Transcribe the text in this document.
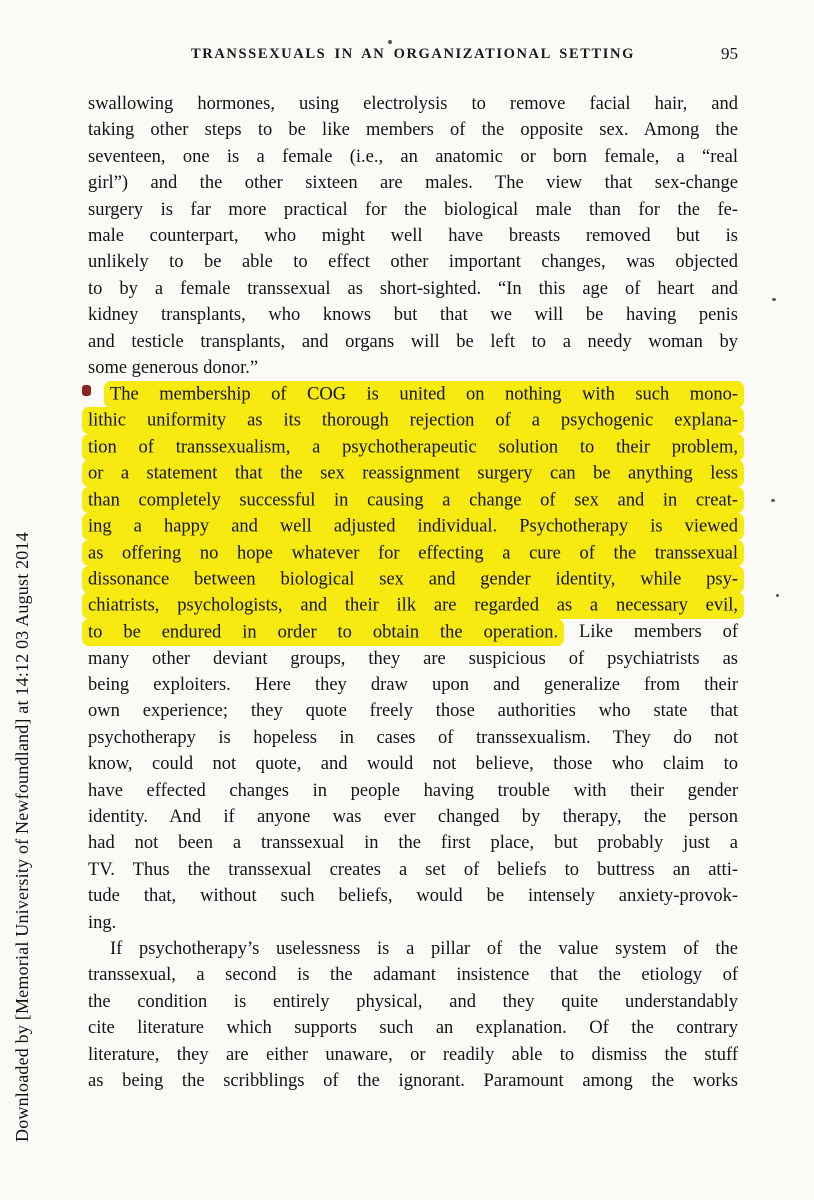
Downloaded by [Memorial University of Newfoundland] at 14:12 03 August 2014
TRANSSEXUALS IN AN ORGANIZATIONAL SETTING	95
swallowing hormones, using electrolysis to remove facial hair, and
taking other steps to be like members of the opposite sex. Among the
seventeen, one is a female (i.e., an anatomic or born female, a “real
girl”) and the other sixteen are males. The view that sex-change
surgery is far more practical for the biological male than for the fe-
male counterpart, who might well have breasts removed but is
unlikely to be able to effect other important changes, was objected
to by a female transsexual as short-sighted. “In this age of heart and
kidney transplants, who knows but that we will be having penis
and testicle transplants, and organs will be left to a needy woman by
some generous donor.”
The membership of COG is united on nothing with such mono-
lithic uniformity as its thorough rejection of a psychogenic explana-
tion of transsexualism, a psychotherapeutic solution to their problem,
or a statement that the sex reassignment surgery can be anything less
than completely successful in causing a change of sex and in creat-
ing a happy and well adjusted individual. Psychotherapy is viewed
as offering no hope whatever for effecting a cure of the transsexual
dissonance between biological sex and gender identity, while psy-
chiatrists, psychologists, and their ilk are regarded as a necessary evil,
to be endured in order to obtain the operation. Like members of
many other deviant groups, they are suspicious of psychiatrists as
being exploiters. Here they draw upon and generalize from their
own experience; they quote freely those authorities who state that
psychotherapy is hopeless in cases of transsexualism. They do not
know, could not quote, and would not believe, those who claim to
have effected changes in people having trouble with their gender
identity. And if anyone was ever changed by therapy, the person
had not been a transsexual in the first place, but probably just a
TV. Thus the transsexual creates a set of beliefs to buttress an atti-
tude that, without such beliefs, would be intensely anxiety-provok-
ing.
If psychotherapy’s uselessness is a pillar of the value system of the
transsexual, a second is the adamant insistence that the etiology of
the condition is entirely physical, and they quite understandably
cite literature which supports such an explanation. Of the contrary
literature, they are either unaware, or readily able to dismiss the stuff
as being the scribblings of the ignorant. Paramount among the works
